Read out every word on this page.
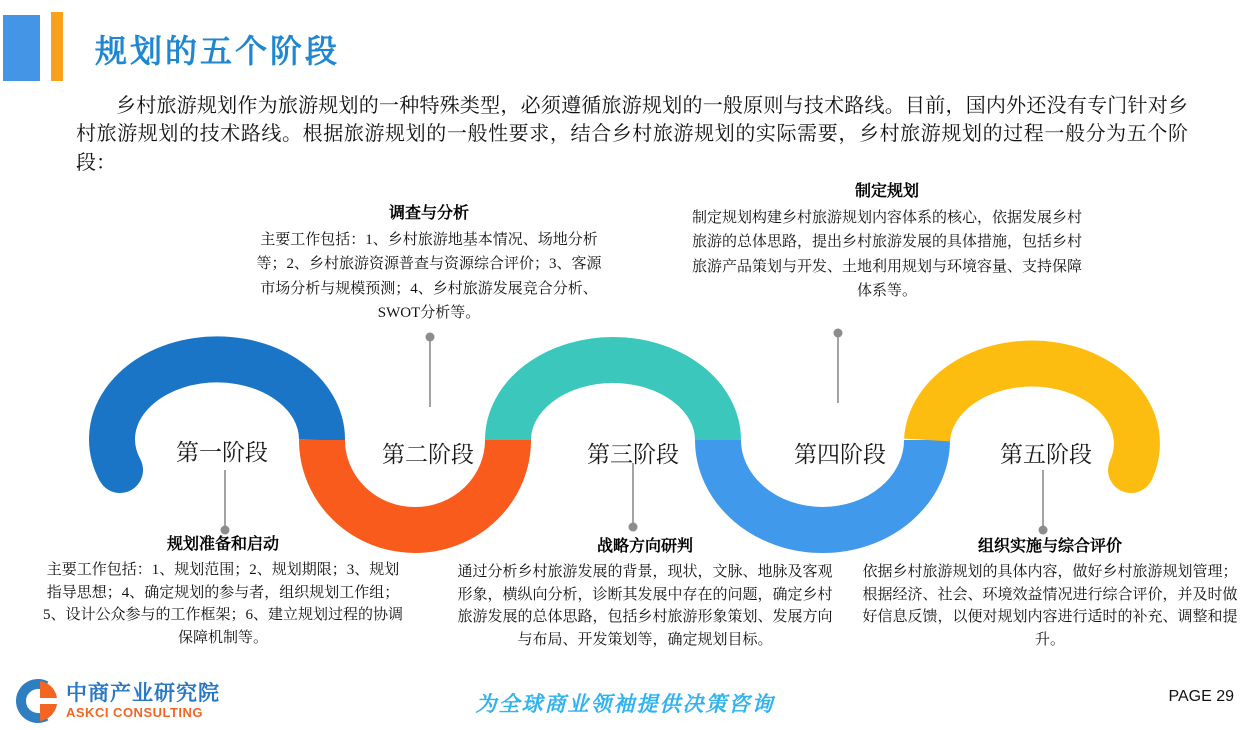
规划的五个阶段

乡村旅游规划作为旅游规划的一种特殊类型，必须遵循旅游规划的一般原则与技术路线。目前，国内外还没有专门针对乡村旅游规划的技术路线。根据旅游规划的一般性要求，结合乡村旅游规划的实际需要，乡村旅游规划的过程一般分为五个阶段：

第一阶段	第二阶段	第三阶段	第四阶段	第五阶段
调查与分析

主要工作包括：1、乡村旅游地基本情况、场地分析等；2、乡村旅游资源普查与资源综合评价；3、客源市场分析与规模预测；4、乡村旅游发展竞合分析、SWOT分析等。

制定规划

制定规划构建乡村旅游规划内容体系的核心，依据发展乡村旅游的总体思路，提出乡村旅游发展的具体措施，包括乡村旅游产品策划与开发、土地利用规划与环境容量、支持保障体系等。

规划准备和启动

主要工作包括：1、规划范围；2、规划期限；3、规划指导思想；4、确定规划的参与者，组织规划工作组；5、设计公众参与的工作框架；6、建立规划过程的协调保障机制等。

战略方向研判

通过分析乡村旅游发展的背景，现状，文脉、地脉及客观形象，横纵向分析，诊断其发展中存在的问题，确定乡村旅游发展的总体思路，包括乡村旅游形象策划、发展方向与布局、开发策划等，确定规划目标。

组织实施与综合评价

依据乡村旅游规划的具体内容，做好乡村旅游规划管理；根据经济、社会、环境效益情况进行综合评价，并及时做好信息反馈，以便对规划内容进行适时的补充、调整和提升。

中商产业研究院
ASKCI CONSULTING	为全球商业领袖提供决策咨询	PAGE 29
